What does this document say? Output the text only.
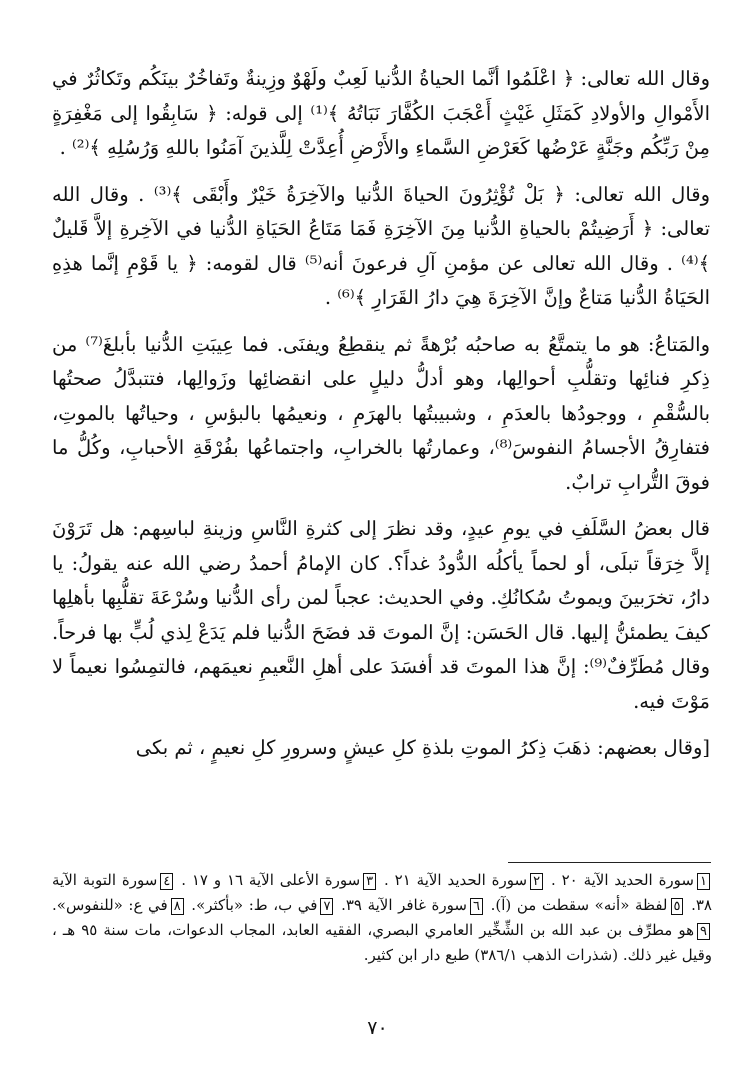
وقال الله تعالى: ﴿ اعْلَمُوا أنَّما الحياةُ الدُّنيا لَعِبٌ ولَهْوٌ وزِينةٌ وتَفاخُرٌ بينَكُم وتَكاثُرٌ في الأَمْوالِ والأولادِ كَمَثَلِ غَيْثٍ أَعْجَبَ الكُفَّارَ نَبَاتُهُ ﴾⁽¹⁾ إلى قوله: ﴿ سَابِقُوا إلى مَغْفِرَةٍ مِنْ رَبِّكُم وجَنَّةٍ عَرْضُها كَعَرْضِ السَّماءِ والأَرْضِ أُعِدَّتْ لِلَّذينَ آمَنُوا باللهِ وَرُسُلِهِ ﴾⁽²⁾ .

وقال الله تعالى: ﴿ بَلْ تُؤْثِرُونَ الحياةَ الدُّنيا والآخِرَةُ خَيْرٌ وأَبْقَى ﴾⁽³⁾ . وقال الله تعالى: ﴿ أَرَضِيتُمْ بالحياةِ الدُّنيا مِنَ الآخِرَةِ فَمَا مَتَاعُ الحَيَاةِ الدُّنيا في الآخِرةِ إلاَّ قَليلٌ ﴾⁽⁴⁾ . وقال الله تعالى عن مؤمنِ آلِ فرعونَ أنه⁽⁵⁾ قال لقومه: ﴿ يا قَوْمِ إنَّما هذِهِ الحَيَاةُ الدُّنيا مَتاعٌ وإنَّ الآخِرَةَ هِيَ دارُ القَرَارِ ﴾⁽⁶⁾ .

والمَتاعُ: هو ما يتمتَّعُ به صاحبُه بُرْهةً ثم ينقطِعُ ويفنَى. فما عِيبَتِ الدُّنيا بأبلغَ⁽⁷⁾ من ذِكرِ فنائِها وتقلُّبِ أحوالِها، وهو أدلُّ دليلٍ على انقضائِها وزَوالِها، فتتبدَّلُ صحتُها بالسُّقْمِ ، ووجودُها بالعدَمِ ، وشبيبتُها بالهرَمِ ، ونعيمُها بالبؤسِ ، وحياتُها بالموتِ، فتفارِقُ الأجسامُ النفوسَ⁽⁸⁾، وعمارتُها بالخرابِ، واجتماعُها بفُرْقَةِ الأحبابِ، وكُلُّ ما فوقَ التُّرابِ ترابٌ.

قال بعضُ السَّلَفِ في يومِ عيدٍ، وقد نظرَ إلى كثرةِ النَّاسِ وزينةِ لباسِهم: هل تَرَوْنَ إلاَّ خِرَقاً تبلَى، أو لحماً يأكلُه الدُّودُ غداً؟. كان الإمامُ أحمدُ رضي الله عنه يقولُ: يا دارُ، تخرَبينَ ويموتُ سُكانُكِ. وفي الحديث: عجباً لمن رأى الدُّنيا وسُرْعَةَ تقلُّبِها بأهلِها كيفَ يطمئنُّ إليها. قال الحَسَن: إنَّ الموتَ قد فضَحَ الدُّنيا فلم يَدَعْ لِذي لُبٍّ بها فرحاً. وقال مُطَرِّفٌ⁽⁹⁾: إنَّ هذا الموتَ قد أفسَدَ على أهلِ النَّعيمِ نعيمَهم، فالتمِسُوا نعيماً لا مَوْتَ فيه.

[وقال بعضهم: ذهَبَ ذِكرُ الموتِ بلذةِ كلِ عيشٍ وسرورِ كلِ نعيمٍ ، ثم بكى

١سورة الحديد الآية ٢٠ . ٢سورة الحديد الآية ٢١ . ٣سورة الأعلى الآية ١٦ و ١٧ . ٤سورة التوبة الآية ٣٨. ٥لفظة «أنه» سقطت من (آ). ٦سورة غافر الآية ٣٩. ٧في ب، ط: «بأكثر». ٨في ع: «للنفوس». ٩هو مطرِّف بن عبد الله بن الشِّخِّير العامري البصري، الفقيه العابد، المجاب الدعوات، مات سنة ٩٥ هـ ، وقيل غير ذلك. (شذرات الذهب ٣٨٦/١) طبع دار ابن كثير.

٧٠
